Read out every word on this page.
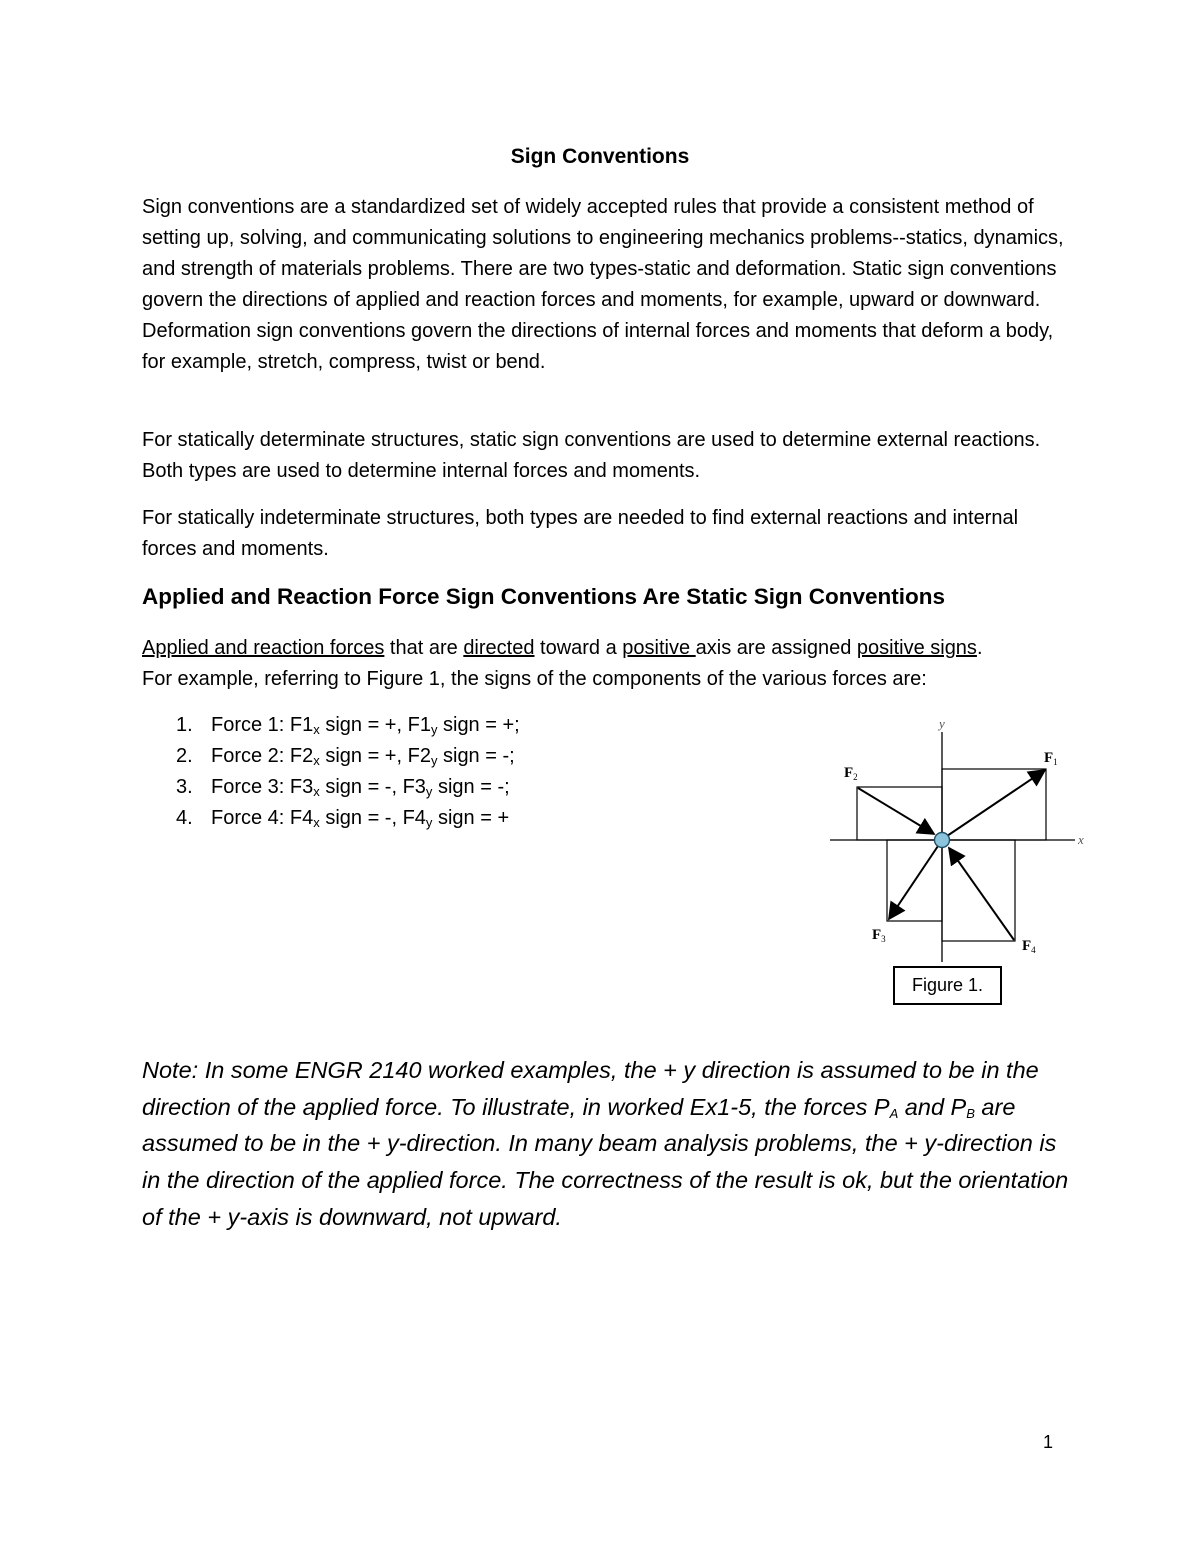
Sign Conventions

Sign conventions are a standardized set of widely accepted rules that provide a consistent method of setting up, solving, and communicating solutions to engineering mechanics problems--statics, dynamics, and strength of materials problems. There are two types-static and deformation. Static sign conventions govern the directions of applied and reaction forces and moments, for example, upward or downward. Deformation sign conventions govern the directions of internal forces and moments that deform a body, for example, stretch, compress, twist or bend.

For statically determinate structures, static sign conventions are used to determine external reactions. Both types are used to determine internal forces and moments.

For statically indeterminate structures, both types are needed to find external reactions and internal forces and moments.

Applied and Reaction Force Sign Conventions Are Static Sign Conventions

Applied and reaction forces that are directed toward a positive axis are assigned positive signs.
For example, referring to Figure 1, the signs of the components of the various forces are:

1. Force 1: $F1_x$ sign = +, $F1_y$ sign = +;
2. Force 2: $F2_x$ sign = +, $F2_y$ sign = -;
3. Force 3: $F3_x$ sign = -, $F3_y$ sign = -;
4. Force 4: $F4_x$ sign = -, $F4_y$ sign = +
x
y
$F_1$
$F_2$
$F_3$	$F_4$
Figure 1.

Note: In some ENGR 2140 worked examples, the + y direction is assumed to be in the direction of the applied force. To illustrate, in worked Ex1-5, the forces $P_A$ and $P_B$ are assumed to be in the + y-direction. In many beam analysis problems, the + y-direction is in the direction of the applied force. The correctness of the result is ok, but the orientation of the + y-axis is downward, not upward.

1
